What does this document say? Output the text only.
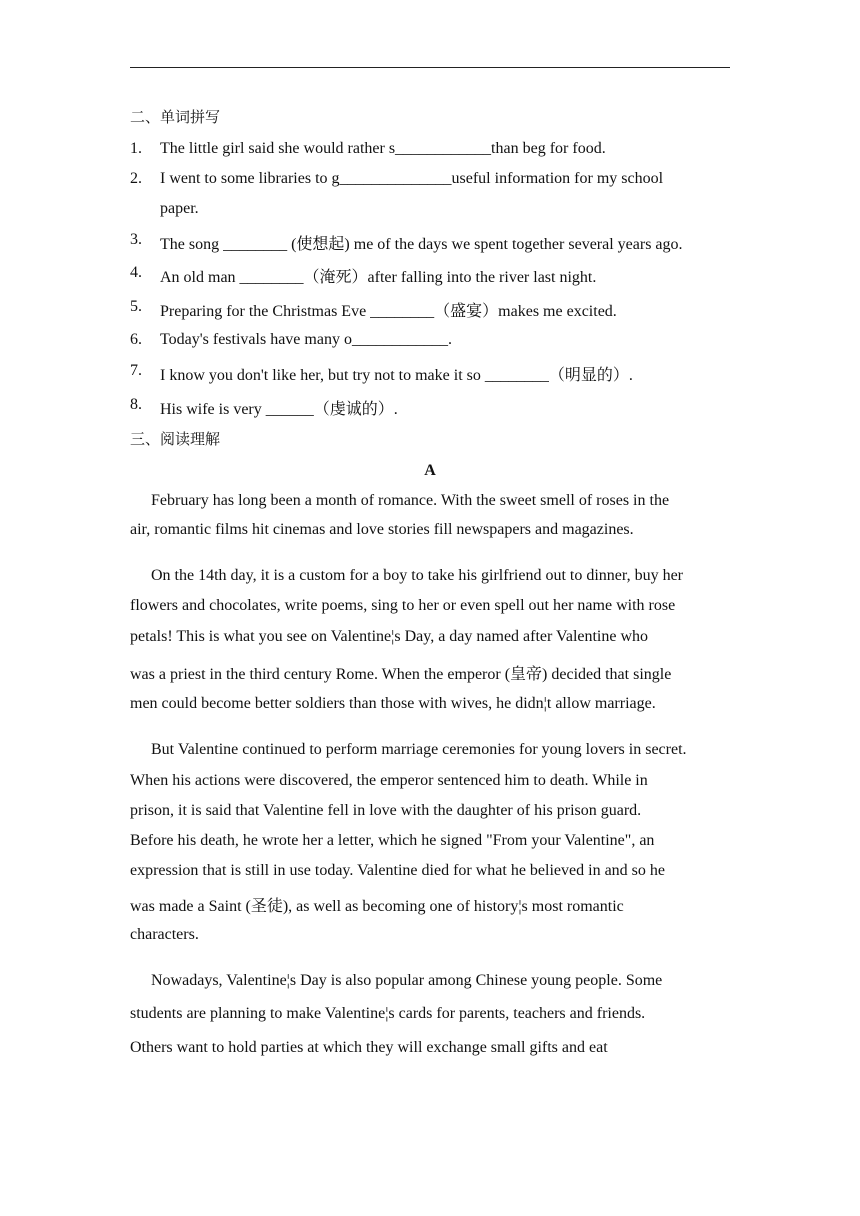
二、单词拼写
1. The little girl said she would rather s____________than beg for food.
2. I went to some libraries to g______________useful information for my school
paper.
3. The song ________ (使想起) me of the days we spent together several years ago.
4. An old man ________（淹死）after falling into the river last night.
5. Preparing for the Christmas Eve ________（盛宴）makes me excited.
6. Today's festivals have many o____________.
7. I know you don't like her, but try not to make it so ________（明显的）.
8. His wife is very ______（虔诚的）.
三、阅读理解
A
February has long been a month of romance. With the sweet smell of roses in the
air, romantic films hit cinemas and love stories fill newspapers and magazines.
On the 14th day, it is a custom for a boy to take his girlfriend out to dinner, buy her
flowers and chocolates, write poems, sing to her or even spell out her name with rose
petals! This is what you see on Valentine¦s Day, a day named after Valentine who
was a priest in the third century Rome. When the emperor (皇帝) decided that single
men could become better soldiers than those with wives, he didn¦t allow marriage.
But Valentine continued to perform marriage ceremonies for young lovers in secret.
When his actions were discovered, the emperor sentenced him to death. While in
prison, it is said that Valentine fell in love with the daughter of his prison guard.
Before his death, he wrote her a letter, which he signed "From your Valentine", an
expression that is still in use today. Valentine died for what he believed in and so he
was made a Saint (圣徒), as well as becoming one of history¦s most romantic
characters.
Nowadays, Valentine¦s Day is also popular among Chinese young people. Some
students are planning to make Valentine¦s cards for parents, teachers and friends.
Others want to hold parties at which they will exchange small gifts and eat
